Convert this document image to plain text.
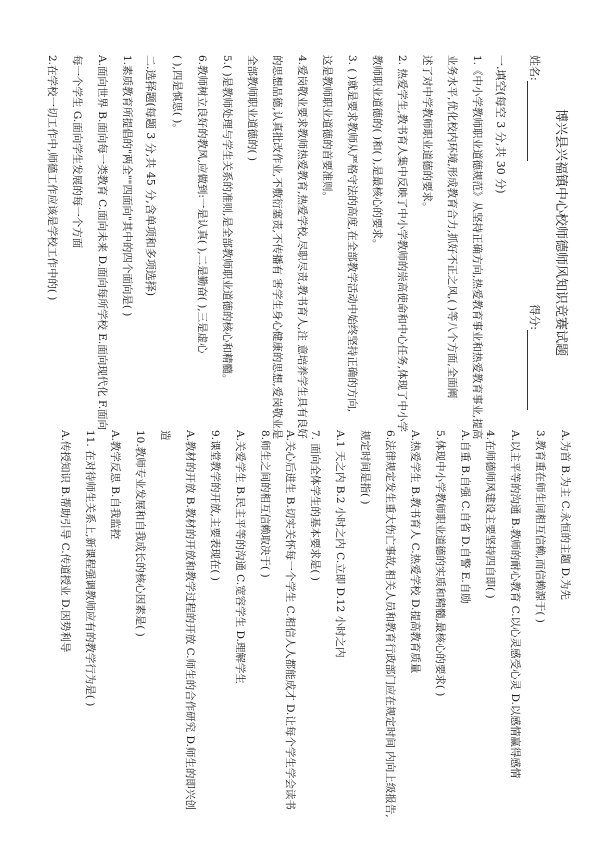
博兴县兴福镇中心校师德师风知识竞赛试题
姓名:
得分:
一.填空(每空 3 分,共 30 分)
1.《中小学教师职业道德规范》从坚持正确方向,热爱教育事业和热爱教育事业,提高
业务水平,优化校内环境,形成教育合力,抓好不正之风,( )等八个方面,全面阐
述了对中学教师职业道德的要求。
2. 热爱学生,教书育人集中反映了中小学教师的崇高使命和中心任务,体现了中小学
教师职业道德的( )和( ),是最核心的要求。
3. ( )就是要求教师从严格守法的高度,在全部教学活动中始终坚持正确的方向,
这是教师职业道德的首要准则。
4.爱岗敬业要求教师热爱教育,热爱学校,尽职尽责,教书育人,注 意培养学生具有良好
的思想品德,认真批改作业,不敷衍塞责,不传播有 害学生身心健康的思想,爱岗敬业是
全部教师职业道德的( )
5.( )是教师处理与学生关系的准则,是全部教师职业道德的核心和精髓。
6.教师树立良好的教风,应做到:一是认真( ),二是勤奋( ),三是虚心
( ),四是慎思( )。
二.选择题(每题 3 分,共 45 分,含单项和多项选择)
1.素质教育所提倡的"两全""四面向"其中的四个面向是( )
A.面向世界 B.面向每一类教育 C.面向未来 D.面向每所学校 E.面向现代化 F.面向
每一个学生 G.面向学生发展的每一个方面
2.在学校一切工作中,师德工作应该是学校工作中的( )
A.为首 B.为主 C.永恒的主题 D.为先
3.教育重在师生间相互信赖,而信赖源于( )
A.以主平等的沟通 B.教师的耐心教育 C.以心灵感受心灵 D.以感情赢得感情
4.在师德师风建设主要坚持四自即( )
A.自重 B.自强 C.自省 D.自警 E.自励
5.体现中小学教师职业道德的实质和精髓,最核心的要求( )
A.热爱学生 B.教书育人 C.热爱学校 D.提高教育质量
6.法律规定发生重大伤亡事故,相关人员和教育行政部门应在规定时间 内向上级报告,
规定时间是指( )
A.1 天之内 B.2 小时之内 C.立即 D.12 小时之内
7. 面向全体学生的基本要求是( )
A.关心后进生 B.切实关怀每一个学生 C.相信人人都能成才 D.让每个学生学会读书
8.师生之间的相互信赖取决于( )
A.关爱学生 B.民主平等的沟通 C.宽容学生 D.理解学生
9.课堂教学的开放,主要表现在( )
A.教材的开放 B.教材的开放和教学过程的开放 C.师生的合作研究 D.师生的即兴创
造
10.教师专业发展和自我成长的核心因素是( )
A.教学反思 B.自我监控
11. 在对待师生关系上,新课程强调教师应有的教学行为是( )
A.传授知识 B.帮助引导 C.传道授业 D.因势利导
